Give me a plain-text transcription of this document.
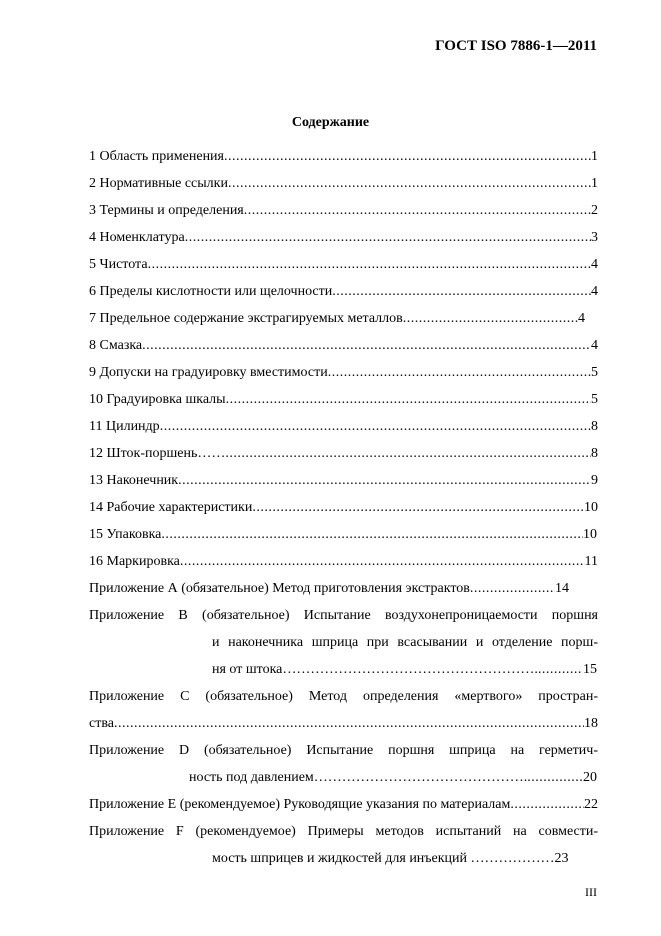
ГОСТ ISO 7886-1—2011
Содержание
1 Область применения .....	1
2 Нормативные ссылки .....	1
3 Термины и определения .....	2
4 Номенклатура .....	3
5 Чистота .....	4
6 Пределы кислотности или щелочности .....	4
7 Предельное содержание экстрагируемых металлов .....	4
8 Смазка .....	4
9 Допуски на градуировку вместимости .....	5
10 Градуировка шкалы .....	5
11 Цилиндр .....	8
12 Шток-поршень…… .....	8
13 Наконечник .....	9
14 Рабочие характеристики .....	10
15 Упаковка .....	10
16 Маркировка .....	11
Приложение А (обязательное) Метод приготовления экстрактов .....	14
Приложение В (обязательное) Испытание воздухонепроницаемости поршня
и наконечника шприца при всасывании и отделение порш-
ня от штока………………………………………………. .....	15
Приложение С (обязательное) Метод определения «мертвого» простран-
ства .....	18
Приложение D (обязательное) Испытание поршня шприца на герметич-
ность под давлением………………………………………. .....	20
Приложение Е (рекомендуемое) Руководящие указания по материалам .....	22
Приложение F (рекомендуемое) Примеры методов испытаний на совмести-
мость шприцев и жидкостей для инъекций ……………… 23
III
